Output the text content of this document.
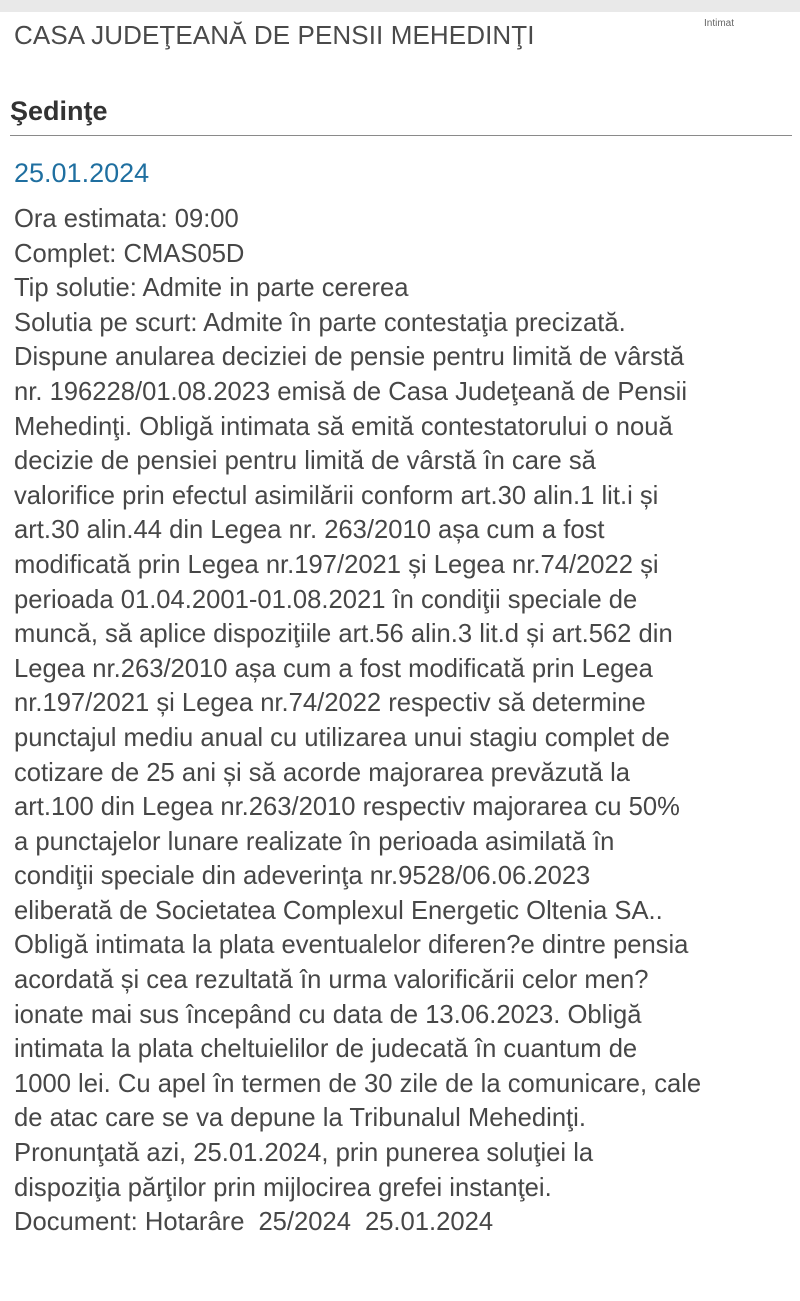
CASA JUDEŢEANĂ DE PENSII MEHEDINŢI	Intimat
Şedinţe
25.01.2024
Ora estimata: 09:00
Complet: CMAS05D
Tip solutie: Admite in parte cererea
Solutia pe scurt: Admite în parte contestaţia precizată.
Dispune anularea deciziei de pensie pentru limită de vârstă
nr. 196228/01.08.2023 emisă de Casa Judeţeană de Pensii
Mehedinţi. Obligă intimata să emită contestatorului o nouă
decizie de pensiei pentru limită de vârstă în care să
valorifice prin efectul asimilării conform art.30 alin.1 lit.i și
art.30 alin.44 din Legea nr. 263/2010 așa cum a fost
modificată prin Legea nr.197/2021 și Legea nr.74/2022 și
perioada 01.04.2001-01.08.2021 în condiţii speciale de
muncă, să aplice dispoziţiile art.56 alin.3 lit.d și art.562 din
Legea nr.263/2010 așa cum a fost modificată prin Legea
nr.197/2021 și Legea nr.74/2022 respectiv să determine
punctajul mediu anual cu utilizarea unui stagiu complet de
cotizare de 25 ani și să acorde majorarea prevăzută la
art.100 din Legea nr.263/2010 respectiv majorarea cu 50%
a punctajelor lunare realizate în perioada asimilată în
condiţii speciale din adeverinţa nr.9528/06.06.2023
eliberată de Societatea Complexul Energetic Oltenia SA..
Obligă intimata la plata eventualelor diferen?e dintre pensia
acordată și cea rezultată în urma valorificării celor men?
ionate mai sus începând cu data de 13.06.2023. Obligă
intimata la plata cheltuielilor de judecată în cuantum de
1000 lei. Cu apel în termen de 30 zile de la comunicare, cale
de atac care se va depune la Tribunalul Mehedinţi.
Pronunţată azi, 25.01.2024, prin punerea soluţiei la
dispoziţia părţilor prin mijlocirea grefei instanţei.
Document: Hotarâre 25/2024 25.01.2024
